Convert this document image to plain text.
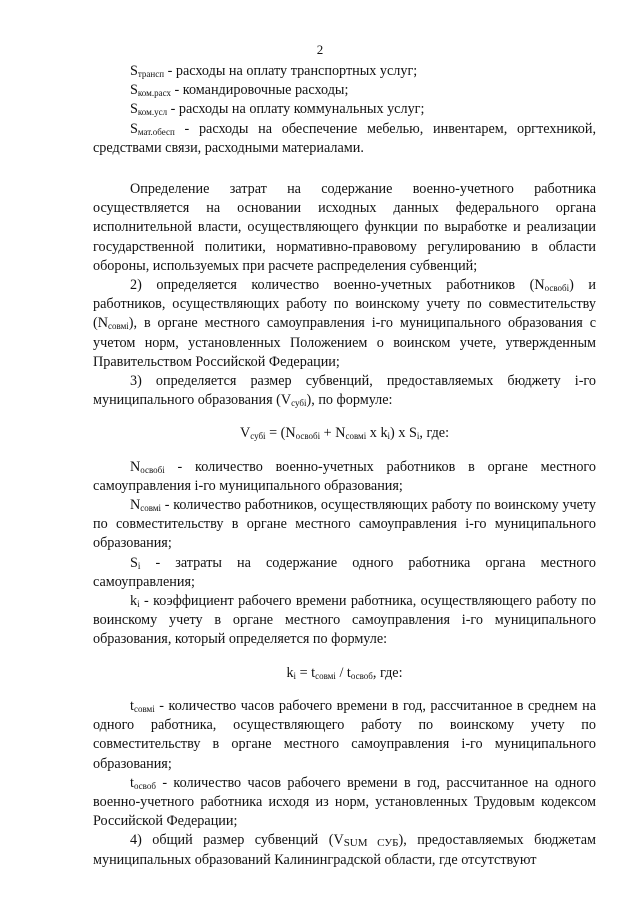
2

$S_{трансп}$ - расходы на оплату транспортных услуг;

$S_{ком.расх}$ - командировочные расходы;

$S_{ком.усл}$ - расходы на оплату коммунальных услуг;

$S_{мат.обесп}$ - расходы на обеспечение мебелью, инвентарем, оргтехникой, средствами связи, расходными материалами.

Определение затрат на содержание военно-учетного работника осуществляется на основании исходных данных федерального органа исполнительной власти, осуществляющего функции по выработке и реализации государственной политики, нормативно-правовому регулированию в области обороны, используемых при расчете распределения субвенций;

2) определяется количество военно-учетных работников $(N_{освобi})$ и работников, осуществляющих работу по воинскому учету по совместительству $(N_{совмi})$, в органе местного самоуправления i-го муниципального образования с учетом норм, установленных Положением о воинском учете, утвержденным Правительством Российской Федерации;

3) определяется размер субвенций, предоставляемых бюджету i-го муниципального образования $(V_{субi})$, по формуле:

$V_{субi} = (N_{освобi} + N_{совмi}$ x $k_i$) x $S_i$, где:

$N_{освобi}$ - количество военно-учетных работников в органе местного самоуправления i-го муниципального образования;

$N_{совмi}$ - количество работников, осуществляющих работу по воинскому учету по совместительству в органе местного самоуправления i-го муниципального образования;

$S_i$ - затраты на содержание одного работника органа местного самоуправления;

$k_i$ - коэффициент рабочего времени работника, осуществляющего работу по воинскому учету в органе местного самоуправления i-го муниципального образования, который определяется по формуле:

$k_i = t_{совмi} / t_{освоб}$, где:

$t_{совмi}$ - количество часов рабочего времени в год, рассчитанное в среднем на одного работника, осуществляющего работу по воинскому учету по совместительству в органе местного самоуправления i-го муниципального образования;

$t_{освоб}$ - количество часов рабочего времени в год, рассчитанное на одного военно-учетного работника исходя из норм, установленных Трудовым кодексом Российской Федерации;

4) общий размер субвенций $(V_{SUM СУБ})$, предоставляемых бюджетам муниципальных образований Калининградской области, где отсутствуют
